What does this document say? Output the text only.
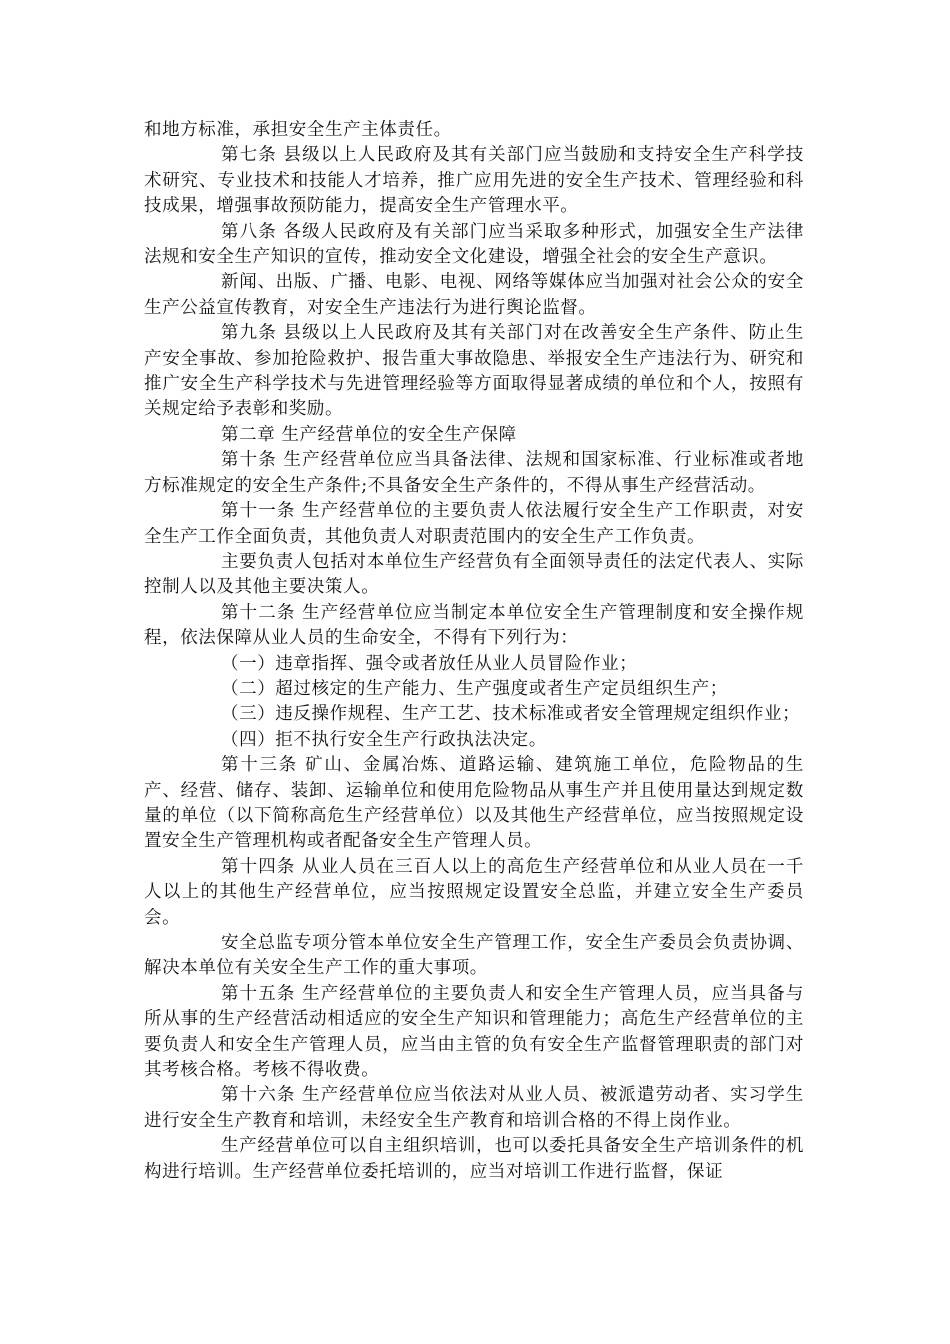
和地方标准，承担安全生产主体责任。

第七条 县级以上人民政府及其有关部门应当鼓励和支持安全生产科学技术研究、专业技术和技能人才培养，推广应用先进的安全生产技术、管理经验和科技成果，增强事故预防能力，提高安全生产管理水平。

第八条 各级人民政府及有关部门应当采取多种形式，加强安全生产法律法规和安全生产知识的宣传，推动安全文化建设，增强全社会的安全生产意识。

新闻、出版、广播、电影、电视、网络等媒体应当加强对社会公众的安全生产公益宣传教育，对安全生产违法行为进行舆论监督。

第九条 县级以上人民政府及其有关部门对在改善安全生产条件、防止生产安全事故、参加抢险救护、报告重大事故隐患、举报安全生产违法行为、研究和推广安全生产科学技术与先进管理经验等方面取得显著成绩的单位和个人，按照有关规定给予表彰和奖励。

第二章 生产经营单位的安全生产保障

第十条 生产经营单位应当具备法律、法规和国家标准、行业标准或者地方标准规定的安全生产条件;不具备安全生产条件的，不得从事生产经营活动。

第十一条 生产经营单位的主要负责人依法履行安全生产工作职责，对安全生产工作全面负责，其他负责人对职责范围内的安全生产工作负责。

主要负责人包括对本单位生产经营负有全面领导责任的法定代表人、实际控制人以及其他主要决策人。

第十二条 生产经营单位应当制定本单位安全生产管理制度和安全操作规程，依法保障从业人员的生命安全，不得有下列行为：

（一）违章指挥、强令或者放任从业人员冒险作业；

（二）超过核定的生产能力、生产强度或者生产定员组织生产；

（三）违反操作规程、生产工艺、技术标准或者安全管理规定组织作业；

（四）拒不执行安全生产行政执法决定。

第十三条 矿山、金属冶炼、道路运输、建筑施工单位，危险物品的生产、经营、储存、装卸、运输单位和使用危险物品从事生产并且使用量达到规定数量的单位（以下简称高危生产经营单位）以及其他生产经营单位，应当按照规定设置安全生产管理机构或者配备安全生产管理人员。

第十四条 从业人员在三百人以上的高危生产经营单位和从业人员在一千人以上的其他生产经营单位，应当按照规定设置安全总监，并建立安全生产委员会。

安全总监专项分管本单位安全生产管理工作，安全生产委员会负责协调、解决本单位有关安全生产工作的重大事项。

第十五条 生产经营单位的主要负责人和安全生产管理人员，应当具备与所从事的生产经营活动相适应的安全生产知识和管理能力；高危生产经营单位的主要负责人和安全生产管理人员，应当由主管的负有安全生产监督管理职责的部门对其考核合格。考核不得收费。

第十六条 生产经营单位应当依法对从业人员、被派遣劳动者、实习学生进行安全生产教育和培训，未经安全生产教育和培训合格的不得上岗作业。

生产经营单位可以自主组织培训，也可以委托具备安全生产培训条件的机构进行培训。生产经营单位委托培训的，应当对培训工作进行监督，保证
